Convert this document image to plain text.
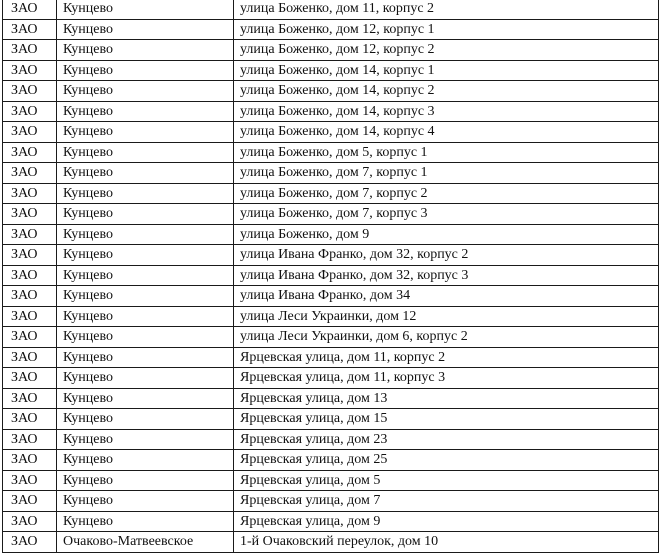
ЗАО	Кунцево	улица Боженко, дом 11, корпус 2
ЗАО	Кунцево	улица Боженко, дом 12, корпус 1
ЗАО	Кунцево	улица Боженко, дом 12, корпус 2
ЗАО	Кунцево	улица Боженко, дом 14, корпус 1
ЗАО	Кунцево	улица Боженко, дом 14, корпус 2
ЗАО	Кунцево	улица Боженко, дом 14, корпус 3
ЗАО	Кунцево	улица Боженко, дом 14, корпус 4
ЗАО	Кунцево	улица Боженко, дом 5, корпус 1
ЗАО	Кунцево	улица Боженко, дом 7, корпус 1
ЗАО	Кунцево	улица Боженко, дом 7, корпус 2
ЗАО	Кунцево	улица Боженко, дом 7, корпус 3
ЗАО	Кунцево	улица Боженко, дом 9
ЗАО	Кунцево	улица Ивана Франко, дом 32, корпус 2
ЗАО	Кунцево	улица Ивана Франко, дом 32, корпус 3
ЗАО	Кунцево	улица Ивана Франко, дом 34
ЗАО	Кунцево	улица Леси Украинки, дом 12
ЗАО	Кунцево	улица Леси Украинки, дом 6, корпус 2
ЗАО	Кунцево	Ярцевская улица, дом 11, корпус 2
ЗАО	Кунцево	Ярцевская улица, дом 11, корпус 3
ЗАО	Кунцево	Ярцевская улица, дом 13
ЗАО	Кунцево	Ярцевская улица, дом 15
ЗАО	Кунцево	Ярцевская улица, дом 23
ЗАО	Кунцево	Ярцевская улица, дом 25
ЗАО	Кунцево	Ярцевская улица, дом 5
ЗАО	Кунцево	Ярцевская улица, дом 7
ЗАО	Кунцево	Ярцевская улица, дом 9
ЗАО	Очаково-Матвеевское	1-й Очаковский переулок, дом 10
